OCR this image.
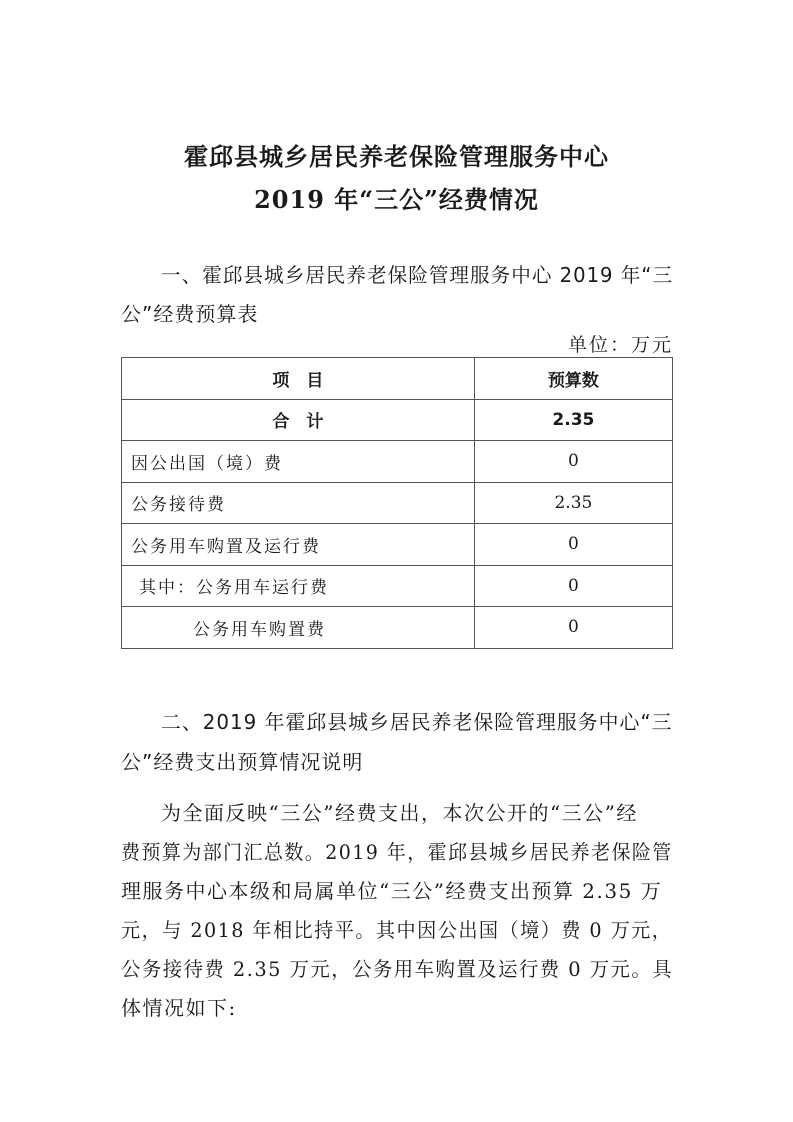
霍邱县城乡居民养老保险管理服务中心
2019 年“三公”经费情况
一、霍邱县城乡居民养老保险管理服务中心 2019 年“三
公”经费预算表
单位：万元
项　目	预算数
合　计	2.35
因公出国（境）费	0
公务接待费	2.35
公务用车购置及运行费	0
其中：公务用车运行费	0
公务用车购置费	0
二、2019 年霍邱县城乡居民养老保险管理服务中心“三
公”经费支出预算情况说明
为全面反映“三公”经费支出，本次公开的“三公”经
费预算为部门汇总数。2019 年，霍邱县城乡居民养老保险管
理服务中心本级和局属单位“三公”经费支出预算 2.35 万
元，与 2018 年相比持平。其中因公出国（境）费 0 万元，
公务接待费 2.35 万元，公务用车购置及运行费 0 万元。具
体情况如下:
